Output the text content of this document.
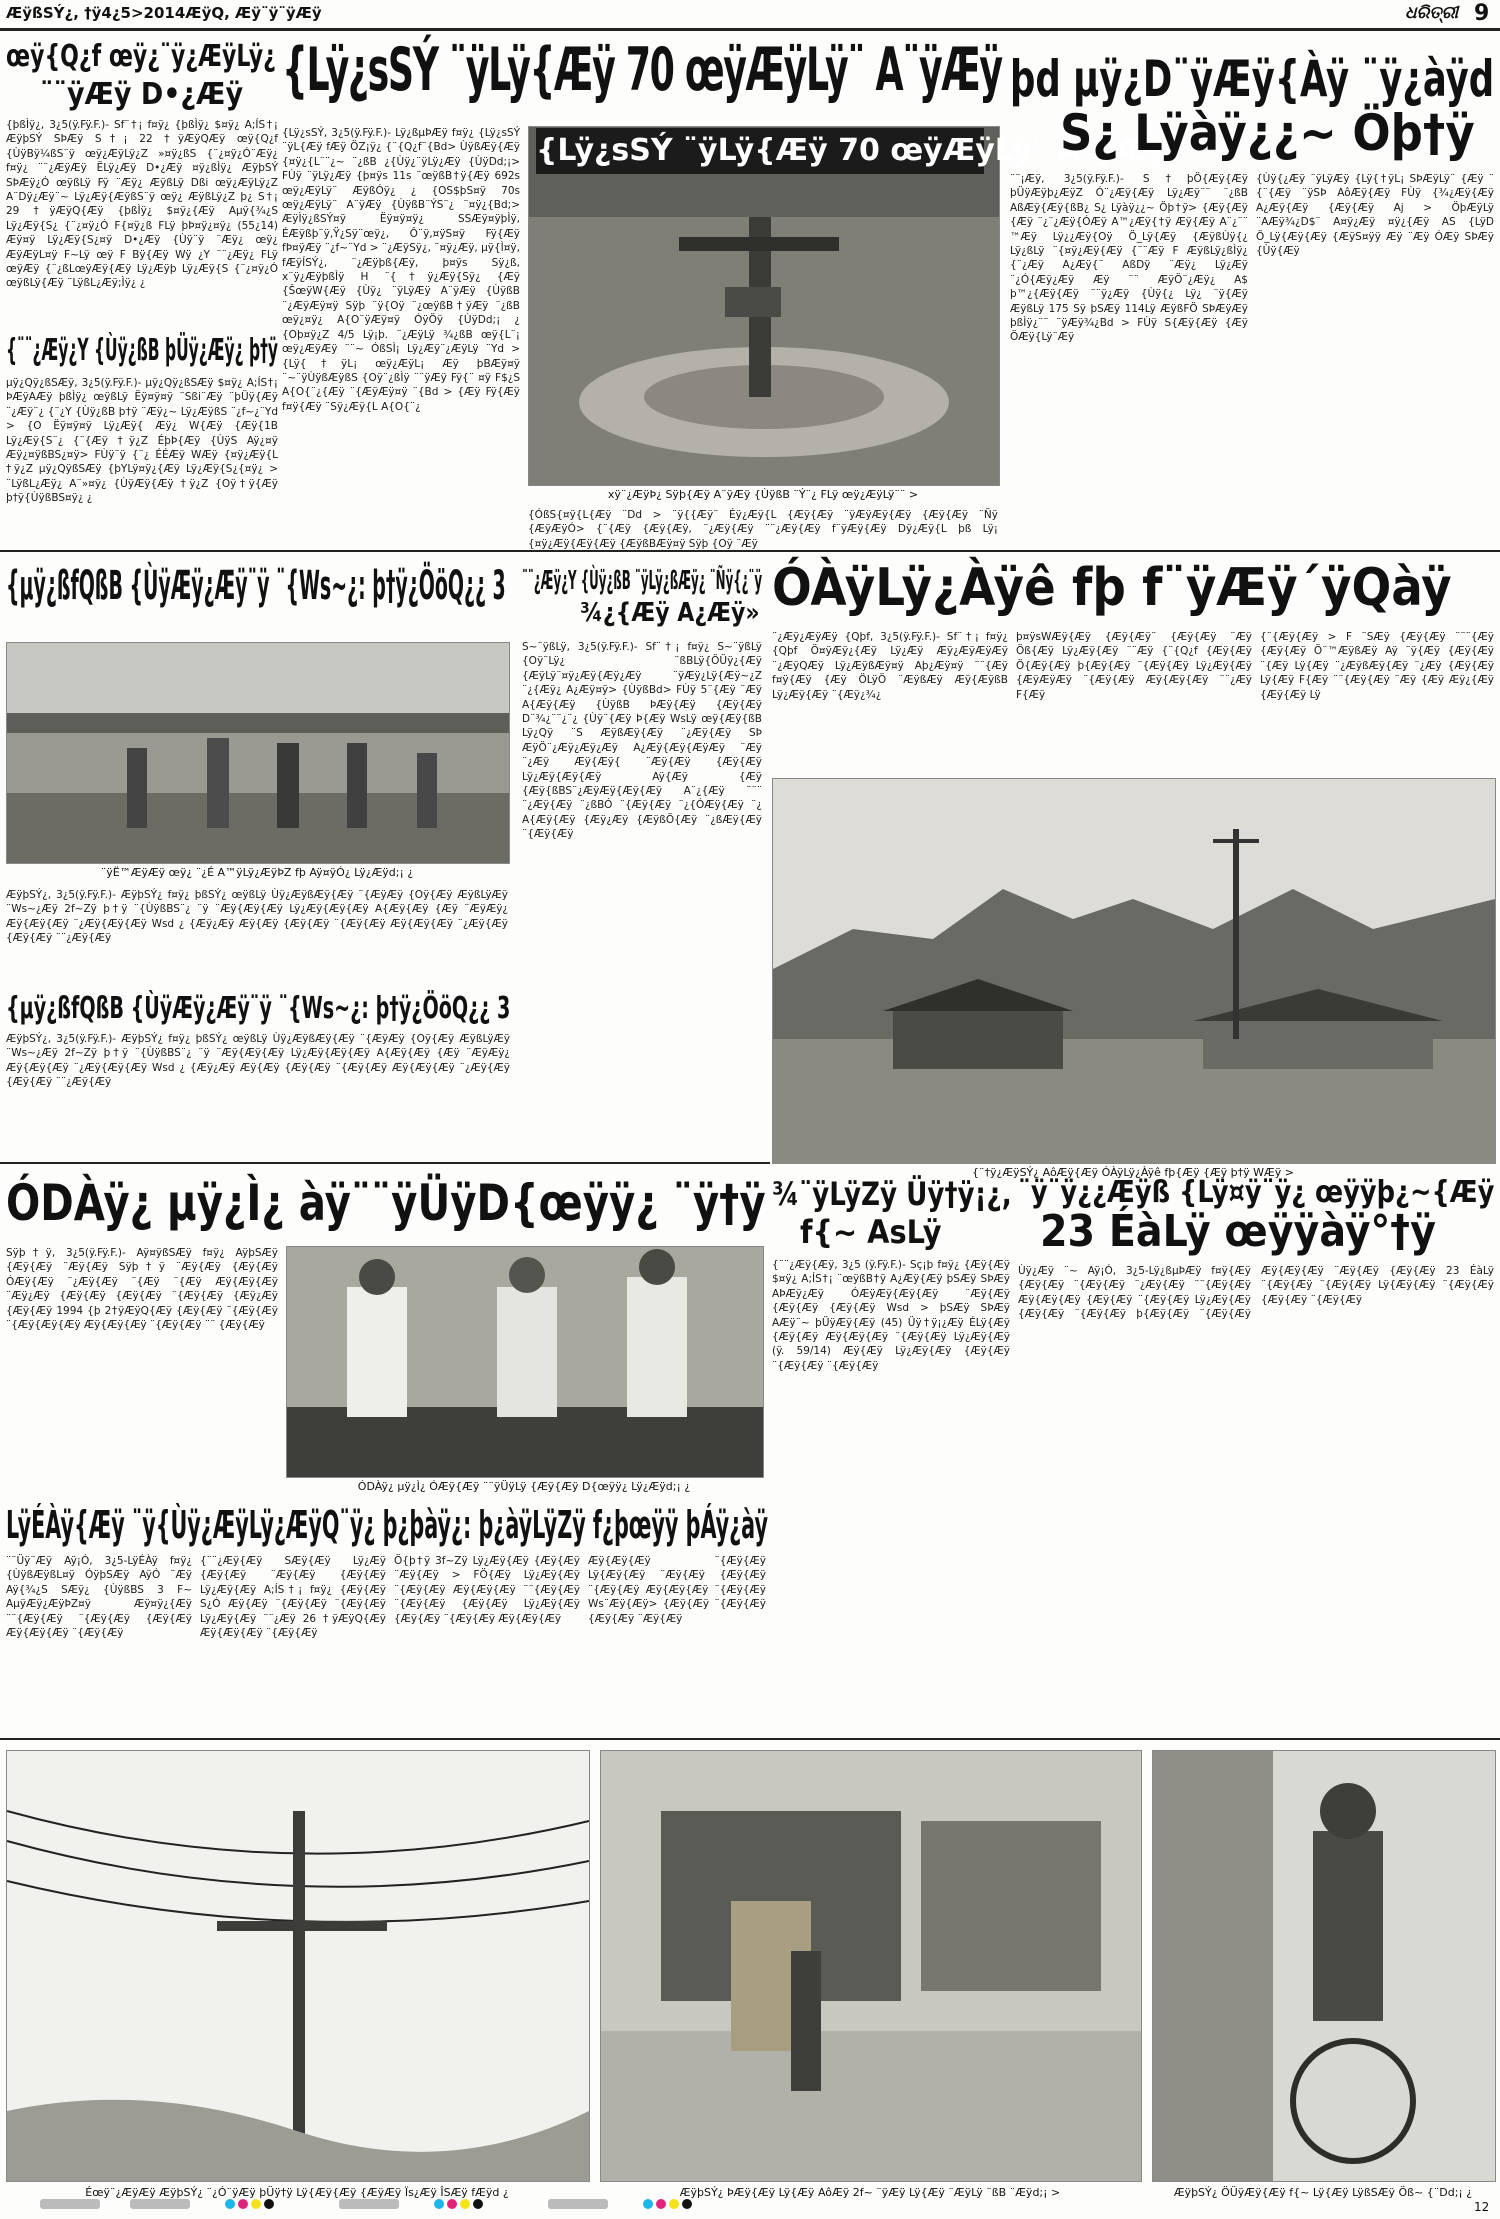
ÆÿßSÝ¿, †ÿ4¿5>2014ÆÿQ, Æÿ¨ÿ¨ÿÆÿ	ଧରିତ୍ରୀ 9
œÿ{Q¿f œÿ¿¨ÿ¿ÆÿLÿ¿
¨¨ÿÆÿ D•¿Æÿ
{þßÌÿ¿, 3¿5(ÿ.Fÿ.F.)- Sf¨†¡ f¤ÿ¿ {þßÌÿ¿ $¤ÿ¿ A;ÍS†¡ ÆÿþSÝ SÞÆÿ S†¡ 22 †ÿÆÿQÆÿ œÿ{Q¿f {ÙÿBÿ¼ßS¨ÿ œÿ¿ÆÿLÿ¿Z »¤ÿ¿ßS {¨¿¤ÿ¿Ó¨Æÿ¿ f¤ÿ¿ ¨¨¿ÆÿÆÿ ËLÿ¿Æÿ D•¿Æÿ ¤ÿ¿ßÌÿ¿ ÆÿþSÝ SÞÆÿ¿Ó œÿßLÿ Fÿ ¨Æÿ¿ ÆÿßLÿ Dßi œÿ¿ÆÿLÿ¿Z A¨Dÿ¿Æÿ¨~ Lÿ¿Æÿ{ÆÿßS¨ÿ œÿ¿ ÆÿßLÿ¿Z þ¿ S†¡ 29 †ÿÆÿQ{Æÿ {þßÌÿ¿ $¤ÿ¿{Æÿ Aµÿ{¾¿S Lÿ¿Æÿ{S¿ {¨¿¤ÿ¿Ó F{¤ÿ¿ß FLÿ þÞ¤ÿ¿¤ÿ¿ (55¿14) Æÿ¤ÿ Lÿ¿Æÿ{S¿¤ÿ D•¿Æÿ {Ùÿ¨ÿ ¨Æÿ¿ œÿ¿ ÆÿÆÿL¤ÿ F~Lÿ œÿ F Bÿ{Æÿ Wÿ ¿Y ¨¨¿Æÿ¿ FLÿ œÿÆÿ {¨¿ßLœÿÆÿ{Æÿ Lÿ¿Æÿþ Lÿ¿Æÿ{S {¨¿¤ÿ¿Ó œÿßLÿ{Æÿ ¨LÿßL¿Æÿ;Ìÿ¿ ¿
{¨¨¿Æÿ¿Y {Ùÿ¿ßB þÜÿ¿Æÿ¿ þ†ÿ
µÿ¿Qÿ¿ßSÆÿ, 3¿5(ÿ.Fÿ.F.)- µÿ¿Qÿ¿ßSÆÿ $¤ÿ¿ A;ÍS†¡ ÞÆÿAÆÿ þßÌÿ¿ œÿßLÿ Ëÿ¤ÿ¤ÿ ¨Sßi¨Æÿ ¨þÜÿ{Æÿ ¨¿Æÿ¨¿ {¨¿Y {Ùÿ¿ßB þ†ÿ ¨Æÿ¿~ Lÿ¿ÆÿßS ¨¿f~¿¨Yd > {O Ëÿ¤ÿ¤ÿ Lÿ¿Æÿ{ Æÿ¿ W{Æÿ {Æÿ{1B Lÿ¿Æÿ{S¨¿ {¨{Æÿ †ÿ¿Z ÉþÞ{Æÿ {ÙÿS Aÿ¿¤ÿ Æÿ¿¤ÿßBS¿¤ÿ> FÙÿ¨ÿ {¨¿ ÉÉÆÿ WÆÿ {¤ÿ¿Æÿ{L †ÿ¿Z µÿ¿QÿßSÆÿ {þYLÿ¤ÿ¿{Æÿ Lÿ¿Æÿ{S¿{¤ÿ¿ > ¨LÿßL¿Æÿ¿ A¨»¤ÿ¿ {ÙÿÆÿ{Æÿ †ÿ¿Z {Oÿ†ÿ{Æÿ þ†ÿ{ÙÿßBS¤ÿ¿ ¿
{Lÿ¿sSÝ ¨ÿLÿ{Æÿ 70 œÿÆÿLÿ¨ A¨ÿÆÿ
{Lÿ¿sSÝ ¨ÿLÿ{Æÿ 70 œÿÆÿLÿ¨ A¨ÿÆÿ
xÿ¨¿ÆÿÞ¿ Sÿþ{Æÿ A¨ÿÆÿ {ÙÿßB ¨Ý¨¿ FLÿ œÿ¿ÆÿLÿ¨¨ >
{Lÿ¿sSÝ, 3¿5(ÿ.Fÿ.F.)- Lÿ¿ßµÞÆÿ f¤ÿ¿ {Lÿ¿sSÝ ¨ÿL{Æÿ fÆÿ ÖZ¡ÿ¿ {¨{Q¿f¨{Bd> ÙÿßÆÿ{Æÿ {¤ÿ¿{L¨¨¿~ ¨¿ßB ¿{Ùÿ¿¨ÿLÿ¿Æÿ {ÙÿDd;¡> FÙÿ ¨ÿLÿ¿Æÿ {þ¤ÿs 11s ¨œÿßB†ÿ{Æÿ 692s œÿ¿ÆÿLÿ¨ ÆÿßÓÿ¿ ¿ {OS$þS¤ÿ 70s œÿ¿ÆÿLÿ¨ A¨ÿÆÿ {ÙÿßB¨ÝS¨¿ ¨¤ÿ¿{Bd;> ÆÿÌÿ¿ßSÝ¤ÿ Ëÿ¤ÿ¤ÿ¿ SSÆÿ¤ÿþÌÿ, ÉÆÿßþ¨ÿ,Ÿ¿Sÿ¨œÿ¿, Ô¨ÿ,¤ÿS¤ÿ Fÿ{Æÿ fÞ¤ÿÆÿ ¨¿f~¨Yd > ¨¿ÆÿSÿ¿, ¨¤ÿ¿Æÿ, µÿ{Ì¤ÿ, fÆÿÍSÝ¿, ¨¿Æÿþß{Æÿ, þ¤ÿs Sÿ¿ß, x¨ÿ¿ÆÿþßÌÿ H ¨{†ÿ¿Æÿ{Sÿ¿ {Æÿ {ŠœÿW{Æÿ {Ùÿ¿ ¨ÿLÿÆÿ A¨ÿÆÿ {ÙÿßB ¨¿ÆÿÆÿ¤ÿ Sÿþ ¨ÿ{Oÿ ¨¿œÿßB†ÿÆÿ ¨¿ßB œÿ¿¤ÿ¿ A{O¨ÿÆÿ¤ÿ ÓÿÖÿ {ÙÿDd;¡ ¿ {Oþ¤ÿ¿Z 4/5 Lÿ¡þ. ¨¿ÆÿLÿ ¾¿ßB œÿ{L¨¡ œÿ¿ÆÿÆÿ ¨¨~ ÓßSÌ¡ Lÿ¿Æÿ¨¿ÆÿLÿ ¨Yd > {Lÿ{†ÿL¡ œÿ¿ÆÿL¡ Æÿ þBÆÿ¤ÿ ¨~¨ÿÙÿßÆÿßS {Oÿ¨¿ßÌÿ ¨¨ÿÆÿ Fÿ{¨ ¤ÿ F$¿S A{O{¨¿{Æÿ ¨{ÆÿÆÿ¤ÿ ¨{Bd > {Æÿ Fÿ{Æÿ f¤ÿ{Æÿ ¨Sÿ¿Æÿ{L A{O{¨¿
{ÓßS{¤ÿ{L{Æÿ ¨Dd > ¨ÿ{{Æÿ¨ Éÿ¿Æÿ{L {Æÿ{Æÿ ¨ÿÆÿÆÿ{Æÿ {Æÿ{Æÿ ¨Ñÿ {ÆÿÆÿÓ> {¨{Æÿ {Æÿ{Æÿ, ¨¿Æÿ{Æÿ ¨¨¿Æÿ{Æÿ f¨ÿÆÿ{Æÿ Dÿ¿Æÿ{L þß Lÿ¡ {¤ÿ¿Æÿ{Æÿ{Æÿ {ÆÿßBÆÿ¤ÿ Sÿþ {Oÿ ¨Æÿ
þd µÿ¿D¨ÿÆÿ{Àÿ ¨ÿ¿àÿd
S¿ Lÿàÿ¿¿~ Öþ†ÿ
¨¨¡Æÿ, 3¿5(ÿ.Fÿ.F.)- S†þÖ{Æÿ{Æÿ þÜÿÆÿþ¿ÆÿZ Ó¨¿Æÿ{Æÿ Lÿ¿Æÿ¨¨ ¨¿ßB AßÆÿ{Æÿ{ßB¿ S¿ Lÿàÿ¿¿~ Öþ†ÿ> {Æÿ{Æÿ {Æÿ ¨¿¨¿Æÿ{ÓÆÿ A™¿Æÿ{†ÿ Æÿ{Æÿ A¨¿¨¨ ™Æÿ Lÿ¿¿Æÿ{Oÿ Ö_Lÿ{Æÿ {ÆÿßÙÿ{¿ Lÿ¿ßLÿ ¨{¤ÿ¿Æÿ{Æÿ {¨¨Æÿ F ÆÿßLÿ¿ßÌÿ¿ {¨¿Æÿ A¿Æÿ{¨ AßDÿ ¨Æÿ¿ Lÿ¿Æÿ ¨¿Ó{Æÿ¿Æÿ Æÿ ¨¨ ÆÿÖ¨¿Æÿ¿ A$ þ™¿{Æÿ{Æÿ ¨¨ÿ¿Æÿ {Ùÿ{¿ Lÿ¿ ¨ÿ{Æÿ ÆÿßLÿ 175 Sÿ þSÆÿ 114Lÿ ÆÿßFÖ SÞÆÿÆÿ þßÌÿ¿¨¨ ¨ÿÆÿ¾¿Bd > FÙÿ S{Æÿ{Æÿ {Æÿ ÖÆÿ{Lÿ¨Æÿ
{Ùÿ{¿Æÿ ¨ÿLÿÆÿ {Lÿ{†ÿL¡ SÞÆÿLÿ¨ {Æÿ ¨ {¨{Æÿ ¨ÿSÞ AôÆÿ{Æÿ FÙÿ {¾¿Æÿ{Æÿ A¿Æÿ{Æÿ {Æÿ{Æÿ Aj > ÖþÆÿLÿ ¨AÆÿ¾¿D$¨ A¤ÿ¿Æÿ ¤ÿ¿{Æÿ AS {LÿD Ö_Lÿ{Æÿ{Æÿ {ÆÿS¤ÿÿ Æÿ ¨Æÿ ÓÆÿ SÞÆÿ {Ùÿ{Æÿ
¨¨¿Æÿ¿Y {Ùÿ¿ßB ¨ÿLÿ¿ßÆÿ¿ ¨Ñÿ{¿¨ÿ
¾¿{Æÿ A¿Æÿ»
S~¨ÿßLÿ, 3¿5(ÿ.Fÿ.F.)- Sf¨†¡ f¤ÿ¿ S~¨ÿßLÿ {Oÿ¨Lÿ¿ ¨ßBLÿ{ÖÜÿ¿{Æÿ {ÆÿLÿ¨¤ÿ¿Æÿ{Æÿ¿Æÿ ¨ÿÆÿ¿Lÿ{Æÿ~¿Z ¨¿{Æÿ¿ A¿Æÿ¤ÿ> {ÙÿßBd> FÙÿ 5¨{Æÿ ¨Æÿ A{Æÿ{Æÿ {ÙÿßB ÞÆÿ{Æÿ {Æÿ{Æÿ D¨¾¿¨¨¿¨¿ {Ùÿ¨{Æÿ Þ{Æÿ WsLÿ œÿ{Æÿ{ßB Lÿ¿Qÿ ¨S ÆÿßÆÿ{Æÿ ¨¿Æÿ{Æÿ SÞ ÆÿÖ¨¿Æÿ¿Æÿ¿Æÿ A¿Æÿ{Æÿ{ÆÿÆÿ ¨Æÿ ¨¿Æÿ Æÿ{Æÿ{ ¨Æÿ{Æÿ {Æÿ{Æÿ Lÿ¿Æÿ{Æÿ{Æÿ Aÿ{Æÿ {Æÿ {Æÿ{ßBS¨¿ÆÿÆÿ{Æÿ{Æÿ A¨¿{Æÿ ¨¨¨ ¨¿Æÿ{Æÿ ¨¿ßBÓ ¨{Æÿ{Æÿ ¨¿{ÓÆÿ{Æÿ ¨¿ A{Æÿ{Æÿ {Æÿ¿Æÿ {ÆÿßÖ{Æÿ ¨¿ßÆÿ{Æÿ ¨{Æÿ{Æÿ
{µÿ¿ßfQßB {ÙÿÆÿ¿Æÿ¨ÿ ¨{Ws~¿: þ†ÿ¿ÖöQ¿¿ 3
¨ÿË™ÆÿÆÿ œÿ¿ ¨¿É A™ÿLÿ¿ÆÿÞZ fþ Aÿ¤ÿÓ¿ Lÿ¿Æÿd;¡ ¿
ÆÿþSÝ¿, 3¿5(ÿ.Fÿ.F.)- ÆÿþSÝ¿ f¤ÿ¿ þßSÝ¿ œÿßLÿ Ùÿ¿ÆÿßÆÿ{Æÿ ¨{ÆÿÆÿ {Oÿ{Æÿ ÆÿßLÿÆÿ ¨Ws~¿Æÿ 2f~Zÿ þ†ÿ ¨{ÙÿßBS¨¿ ¨ÿ ¨Æÿ{Æÿ{Æÿ Lÿ¿Æÿ{Æÿ{Æÿ A{Æÿ{Æÿ {Æÿ ¨ÆÿÆÿ¿ Æÿ{Æÿ{Æÿ ¨¿Æÿ{Æÿ{Æÿ Wsd ¿ {Æÿ¿Æÿ Æÿ{Æÿ {Æÿ{Æÿ ¨{Æÿ{Æÿ Æÿ{Æÿ{Æÿ ¨¿Æÿ{Æÿ {Æÿ{Æÿ ¨¨¿Æÿ{Æÿ
{µÿ¿ßfQßB {ÙÿÆÿ¿Æÿ¨ÿ ¨{Ws~¿: þ†ÿ¿ÖöQ¿¿ 3
ÆÿþSÝ¿, 3¿5(ÿ.Fÿ.F.)- ÆÿþSÝ¿ f¤ÿ¿ þßSÝ¿ œÿßLÿ Ùÿ¿ÆÿßÆÿ{Æÿ ¨{ÆÿÆÿ {Oÿ{Æÿ ÆÿßLÿÆÿ ¨Ws~¿Æÿ 2f~Zÿ þ†ÿ ¨{ÙÿßBS¨¿ ¨ÿ ¨Æÿ{Æÿ{Æÿ Lÿ¿Æÿ{Æÿ{Æÿ A{Æÿ{Æÿ {Æÿ ¨ÆÿÆÿ¿ Æÿ{Æÿ{Æÿ ¨¿Æÿ{Æÿ{Æÿ Wsd ¿ {Æÿ¿Æÿ Æÿ{Æÿ {Æÿ{Æÿ ¨{Æÿ{Æÿ Æÿ{Æÿ{Æÿ ¨¿Æÿ{Æÿ {Æÿ{Æÿ ¨¨¿Æÿ{Æÿ
ÓÀÿLÿ¿Àÿê fþ f¨ÿÆÿ´ÿQàÿ
¨¿Æÿ¿ÆÿÆÿ {Qþf, 3¿5(ÿ.Fÿ.F.)- Sf¨†¡ f¤ÿ¿ {Qþf Ö¤ÿÆÿ¿{Æÿ Lÿ¿Æÿ Æÿ¿ÆÿÆÿÆÿ ¨¿ÆÿQÆÿ Lÿ¿ÆÿßÆÿ¤ÿ Aþ¿Æÿ¤ÿ ¨¨{Æÿ f¤ÿ{Æÿ {Æÿ ÖLÿÖ ¨ÆÿßÆÿ Æÿ{ÆÿßB Lÿ¿Æÿ{Æÿ ¨{Æÿ¿¾¿
þ¤ÿsWÆÿ{Æÿ {Æÿ{Æÿ¨ {Æÿ{Æÿ ¨Æÿ Öß{Æÿ Lÿ¿Æÿ{Æÿ ¨¨Æÿ {¨{Q¿f {Æÿ{Æÿ Ö{Æÿ{Æÿ þ{Æÿ{Æÿ ¨{Æÿ{Æÿ Lÿ¿Æÿ{Æÿ {ÆÿÆÿÆÿ ¨{Æÿ{Æÿ Æÿ{Æÿ{Æÿ ¨¨¿Æÿ F{Æÿ
{¨{Æÿ{Æÿ > F ¨SÆÿ {Æÿ{Æÿ ¨¨¨{Æÿ {Æÿ{Æÿ Ö¨™ÆÿßÆÿ Aÿ ¨ÿ{Æÿ {Æÿ{Æÿ ¨{Æÿ Lÿ{Æÿ ¨¿ÆÿßÆÿ{Æÿ ¨¿Æÿ {Æÿ{Æÿ Lÿ{Æÿ F{Æÿ ¨¨{Æÿ{Æÿ ¨Æÿ {Æÿ Æÿ¿{Æÿ {Æÿ{Æÿ Lÿ
{¨†ÿ¿ÆÿSÝ¿ AôÆÿ{Æÿ ÓÀÿLÿ¿Àÿê fþ{Æÿ {Æÿ þ†ÿ WÆÿ >
ÓDÀÿ¿ µÿ¿Ì¿ àÿ¨¨ÿÜÿD{œÿÿ¿ ¨ÿ†ÿ
Sÿþ†ÿ, 3¿5(ÿ.Fÿ.F.)- Aÿ¤ÿßSÆÿ f¤ÿ¿ AÿþSÆÿ {Æÿ{Æÿ ¨Æÿ{Æÿ Sÿþ†ÿ ¨Æÿ{Æÿ {Æÿ{Æÿ ÓÆÿ{Æÿ ¨¿Æÿ{Æÿ ¨{Æÿ ¨{Æÿ Æÿ{Æÿ{Æÿ ¨Æÿ¿Æÿ {Æÿ{Æÿ {Æÿ{Æÿ ¨{Æÿ{Æÿ {Æÿ¿Æÿ {Æÿ{Æÿ 1994 {þ 2†ÿÆÿQ{Æÿ {Æÿ{Æÿ ¨{Æÿ{Æÿ ¨{Æÿ{Æÿ{Æÿ Æÿ{Æÿ{Æÿ ¨{Æÿ{Æÿ ¨¨ {Æÿ{Æÿ
ÓDÀÿ¿ µÿ¿Ì¿ ÓÆÿ{Æÿ ¨¨ÿÜÿLÿ {Æÿ{Æÿ D{œÿÿ¿ Lÿ¿Æÿd;¡ ¿
¾¨ÿLÿZÿ Üÿ†ÿ¡¿,
f{~ AsLÿ
{¨¨¿Æÿ{Æÿ, 3¿5 (ÿ.Fÿ.F.)- Sç¡þ f¤ÿ¿ {Æÿ{Æÿ $¤ÿ¿ A;ÍS†¡ ¨œÿßB†ÿ A¿Æÿ{Æÿ þSÆÿ SÞÆÿ AÞÆÿ¿Æÿ ÓÆÿÆÿ{Æÿ{Æÿ ¨Æÿ{Æÿ {Æÿ{Æÿ {Æÿ{Æÿ Wsd > þSÆÿ SÞÆÿ AÆÿ¨~ þÜÿÆÿ{Æÿ (45) Üÿ†ÿ¡¿Æÿ ÉLÿ{Æÿ {Æÿ{Æÿ Æÿ{Æÿ{Æÿ ¨{Æÿ{Æÿ Lÿ¿Æÿ{Æÿ (ÿ. 59/14) Æÿ{Æÿ Lÿ¿Æÿ{Æÿ {Æÿ{Æÿ ¨{Æÿ{Æÿ ¨{Æÿ{Æÿ
¨ÿ¨ÿ¿¿Æÿß {Lÿ¤ÿ¨ÿ¿ œÿÿþ¿~{Æÿ
23 ÉàLÿ œÿÿàÿ°†ÿ
Ùÿ¿Æÿ ¨~ Aÿ¡Ó, 3¿5-Lÿ¿ßµÞÆÿ f¤ÿ{Æÿ {Æÿ{Æÿ ¨{Æÿ{Æÿ ¨¿Æÿ{Æÿ ¨¨{Æÿ{Æÿ Æÿ{Æÿ{Æÿ {Æÿ{Æÿ ¨{Æÿ{Æÿ Lÿ¿Æÿ{Æÿ {Æÿ{Æÿ ¨{Æÿ{Æÿ þ{Æÿ{Æÿ ¨{Æÿ{Æÿ Æÿ{Æÿ{Æÿ ¨Æÿ{Æÿ {Æÿ{Æÿ 23 ÉàLÿ ¨{Æÿ{Æÿ ¨{Æÿ{Æÿ Lÿ{Æÿ{Æÿ ¨{Æÿ{Æÿ {Æÿ{Æÿ ¨{Æÿ{Æÿ
LÿÉÀÿ{Æÿ ¨ÿ{Ùÿ¿ÆÿLÿ¿ÆÿQ¨ÿ¿ þ¿þàÿ¿: þ¿àÿLÿZÿ f¿þœÿÿ þÁÿ¿àÿ
¨¨Üÿ¨Æÿ Aÿ¡Ó, 3¿5-LÿÉÀÿ f¤ÿ¿ {ÙÿßÆÿßL¤ÿ ÓÿþSÆÿ AÿÓ ¨Æÿ Aÿ{¾¿S SÆÿ¿ {ÙÿßBS 3 F~ AµÿÆÿ¿ÆÿÞZ¤ÿ Æÿ¤ÿ¿{Æÿ ¨¨{Æÿ{Æÿ ¨{Æÿ{Æÿ {Æÿ{Æÿ Æÿ{Æÿ{Æÿ ¨{Æÿ{Æÿ
{¨¨¿Æÿ{Æÿ SÆÿ{Æÿ Lÿ¿Æÿ {Æÿ{Æÿ ¨Æÿ{Æÿ {Æÿ{Æÿ Lÿ¿Æÿ{Æÿ A;ÍS†¡ f¤ÿ¿ {Æÿ{Æÿ S¿Ó Æÿ{Æÿ ¨{Æÿ{Æÿ ¨{Æÿ{Æÿ Lÿ¿Æÿ{Æÿ ¨¨¿Æÿ 26 †ÿÆÿQ{Æÿ Æÿ{Æÿ{Æÿ ¨{Æÿ{Æÿ
Ö{þ†ÿ 3f~Zÿ Lÿ¿Æÿ{Æÿ {Æÿ{Æÿ ¨Æÿ{Æÿ > FÖ{Æÿ Lÿ¿Æÿ{Æÿ ¨{Æÿ{Æÿ Æÿ{Æÿ{Æÿ ¨¨{Æÿ{Æÿ ¨{Æÿ{Æÿ {Æÿ{Æÿ Lÿ¿Æÿ{Æÿ {Æÿ{Æÿ ¨{Æÿ{Æÿ Æÿ{Æÿ{Æÿ
Æÿ{Æÿ{Æÿ ¨{Æÿ{Æÿ Lÿ{Æÿ{Æÿ ¨Æÿ{Æÿ {Æÿ{Æÿ ¨{Æÿ{Æÿ Æÿ{Æÿ{Æÿ ¨{Æÿ{Æÿ Ws¨Æÿ{Æÿ> {Æÿ{Æÿ ¨{Æÿ{Æÿ {Æÿ{Æÿ ¨Æÿ{Æÿ
Éœÿ¨¿ÆÿÆÿ ÆÿþSÝ¿ ¨¿Ó¨ÿÆÿ þÜÿ†ÿ Lÿ{Æÿ{Æÿ {ÆÿÆÿ Ïs¿Æÿ ÎSÆÿ fÆÿd ¿	ÆÿþSÝ¿ ÞÆÿ{Æÿ Lÿ{Æÿ AôÆÿ 2f~ ¨ÿÆÿ Lÿ{Æÿ ¨ÆÿLÿ ¨ßB ¨Æÿd;¡ >	ÆÿþSÝ¿ ÖÜÿÆÿ{Æÿ f{~ Lÿ{Æÿ LÿßSÆÿ Öß~ {¨Dd;¡ ¿

12
